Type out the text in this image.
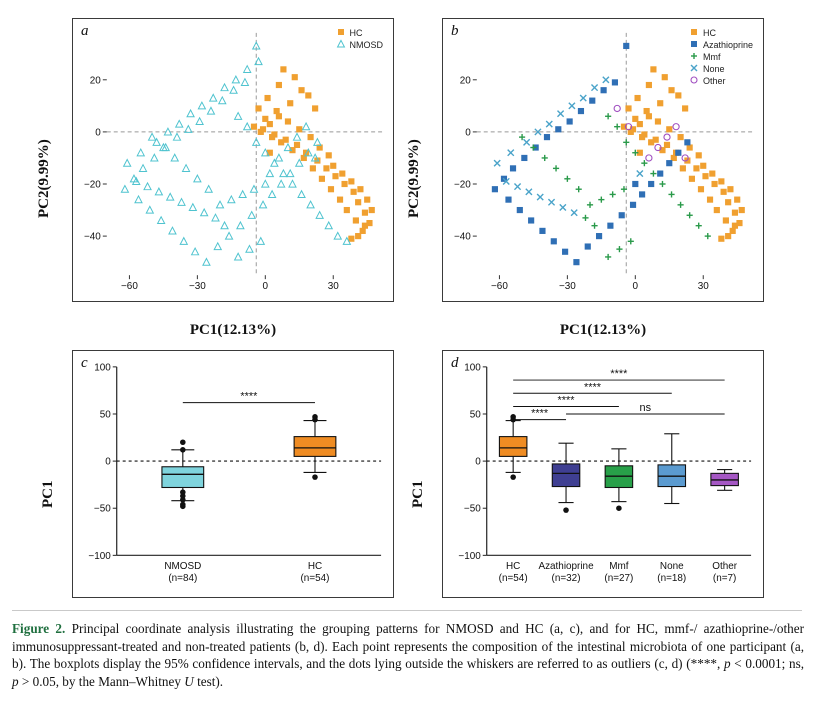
a
−60	−30	0	30
−40
−20
0
20
HC
NMOSD
b
−60	−30	0	30
−40
−20
0
20
HC
Azathioprine
Mmf
None
Other
c
−100
−50
0
50
100
NMOSD
(n=84)
HC
(n=54)
****
d
−100
−50
0
50
100
HC
(n=54)
Azathioprine
(n=32)
Mmf
(n=27)
None
(n=18)
Other
(n=7)
****
****
****
****
ns
PC1(12.13%)	PC1(12.13%)
PC2(9.99%)	PC2(9.99%)
PC1	PC1
Figure 2. Principal coordinate analysis illustrating the grouping patterns for NMOSD and HC (a, c), and for HC, mmf-/ azathioprine-/other immunosuppressant-treated and non-treated patients (b, d). Each point represents the composition of the intestinal microbiota of one participant (a, b). The boxplots display the 95% confidence intervals, and the dots lying outside the whiskers are referred to as outliers (c, d) (****, p < 0.0001; ns, p > 0.05, by the Mann–Whitney U test).
